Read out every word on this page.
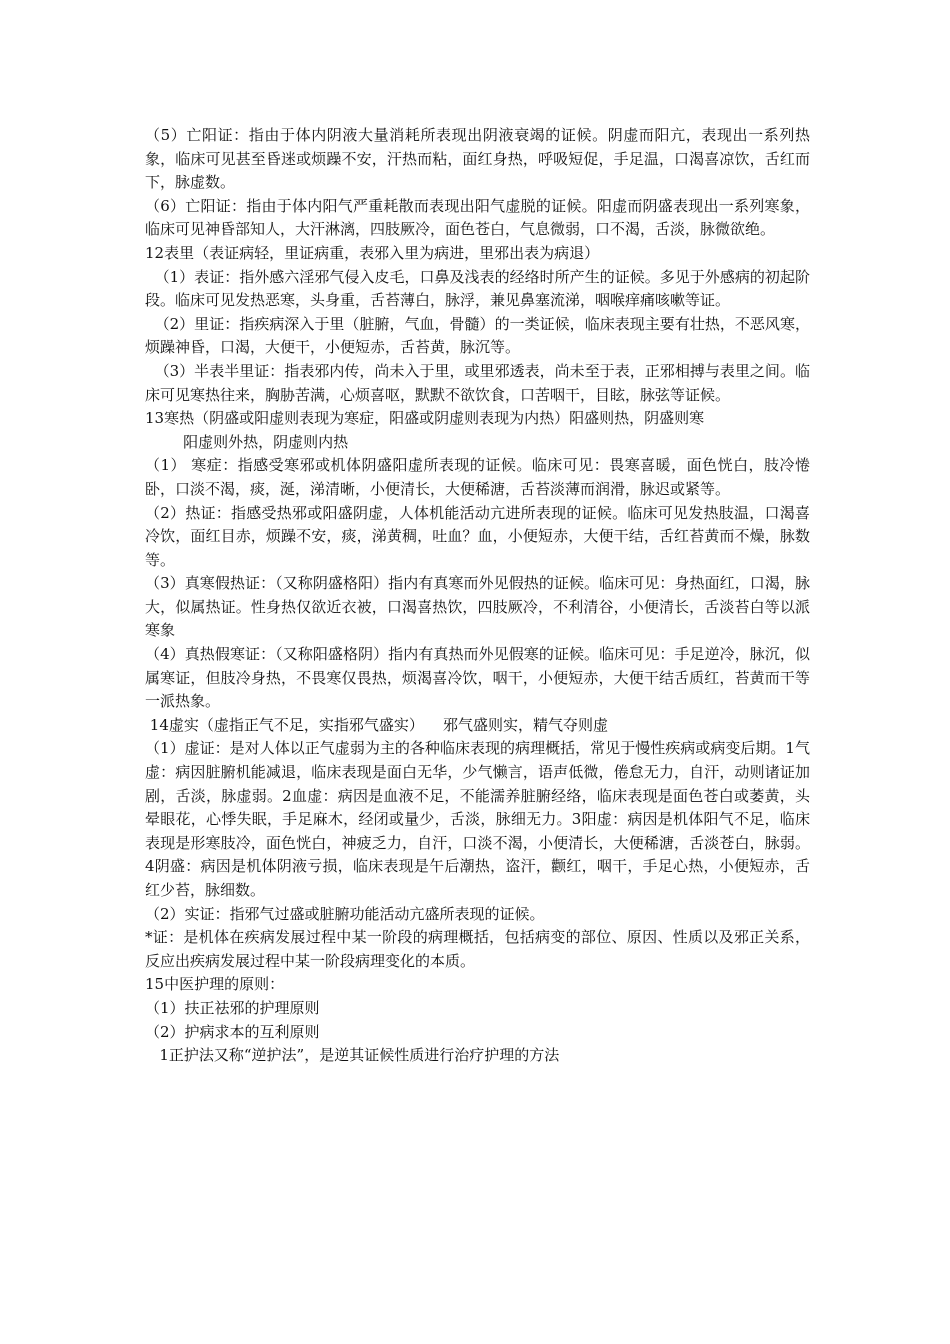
（5）亡阳证：指由于体内阴液大量消耗所表现出阴液衰竭的证候。阴虚而阳亢，表现出一系列热象，临床可见甚至昏迷或烦躁不安，汗热而粘，面红身热，呼吸短促，手足温，口渴喜凉饮，舌红而下，脉虚数。

（6）亡阳证：指由于体内阳气严重耗散而表现出阳气虚脱的证候。阳虚而阴盛表现出一系列寒象，临床可见神昏部知人，大汗淋漓，四肢厥冷，面色苍白，气息微弱，口不渴，舌淡，脉微欲绝。

12表里（表证病轻，里证病重，表邪入里为病进，里邪出表为病退）

（1）表证：指外感六淫邪气侵入皮毛，口鼻及浅表的经络时所产生的证候。多见于外感病的初起阶段。临床可见发热恶寒，头身重，舌苔薄白，脉浮，兼见鼻塞流涕，咽喉痒痛咳嗽等证。

（2）里证：指疾病深入于里（脏腑，气血，骨髓）的一类证候，临床表现主要有壮热，不恶风寒，烦躁神昏，口渴，大便干，小便短赤，舌苔黄，脉沉等。

（3）半表半里证：指表邪内传，尚未入于里，或里邪透表，尚未至于表，正邪相搏与表里之间。临床可见寒热往来，胸胁苦满，心烦喜呕，默默不欲饮食，口苦咽干，目眩，脉弦等证候。

13寒热（阴盛或阳虚则表现为寒症，阳盛或阴虚则表现为内热）阳盛则热，阴盛则寒

阳虚则外热，阴虚则内热

（1） 寒症：指感受寒邪或机体阴盛阳虚所表现的证候。临床可见：畏寒喜暖，面色恍白，肢冷惓卧，口淡不渴，痰，涎，涕清晰，小便清长，大便稀溏，舌苔淡薄而润滑，脉迟或紧等。

（2）热证：指感受热邪或阳盛阴虚，人体机能活动亢进所表现的证候。临床可见发热肢温，口渴喜冷饮，面红目赤，烦躁不安，痰，涕黄稠，吐血？血，小便短赤，大便干结，舌红苔黄而不燥，脉数等。

（3）真寒假热证：（又称阴盛格阳）指内有真寒而外见假热的证候。临床可见：身热面红，口渴，脉大，似属热证。性身热仅欲近衣被，口渴喜热饮，四肢厥冷，不利清谷，小便清长，舌淡苔白等以派寒象

（4）真热假寒证：（又称阳盛格阴）指内有真热而外见假寒的证候。临床可见：手足逆冷，脉沉，似属寒证，但肢冷身热，不畏寒仅畏热，烦渴喜冷饮，咽干，小便短赤，大便干结舌质红，苔黄而干等一派热象。

14虚实（虚指正气不足，实指邪气盛实）    邪气盛则实，精气夺则虚

（1）虚证：是对人体以正气虚弱为主的各种临床表现的病理概括，常见于慢性疾病或病变后期。1气虚：病因脏腑机能减退，临床表现是面白无华，少气懒言，语声低微，倦怠无力，自汗，动则诸证加剧，舌淡，脉虚弱。2血虚：病因是血液不足，不能濡养脏腑经络，临床表现是面色苍白或萎黄，头晕眼花，心悸失眠，手足麻木，经闭或量少，舌淡，脉细无力。3阳虚：病因是机体阳气不足，临床表现是形寒肢冷，面色恍白，神疲乏力，自汗，口淡不渴，小便清长，大便稀溏，舌淡苍白，脉弱。4阴盛：病因是机体阴液亏损，临床表现是午后潮热，盗汗，颧红，咽干，手足心热，小便短赤，舌红少苔，脉细数。

（2）实证：指邪气过盛或脏腑功能活动亢盛所表现的证候。

*证：是机体在疾病发展过程中某一阶段的病理概括，包括病变的部位、原因、性质以及邪正关系，反应出疾病发展过程中某一阶段病理变化的本质。

15中医护理的原则：

（1）扶正祛邪的护理原则

（2）护病求本的互利原则

1正护法又称“逆护法”，是逆其证候性质进行治疗护理的方法
